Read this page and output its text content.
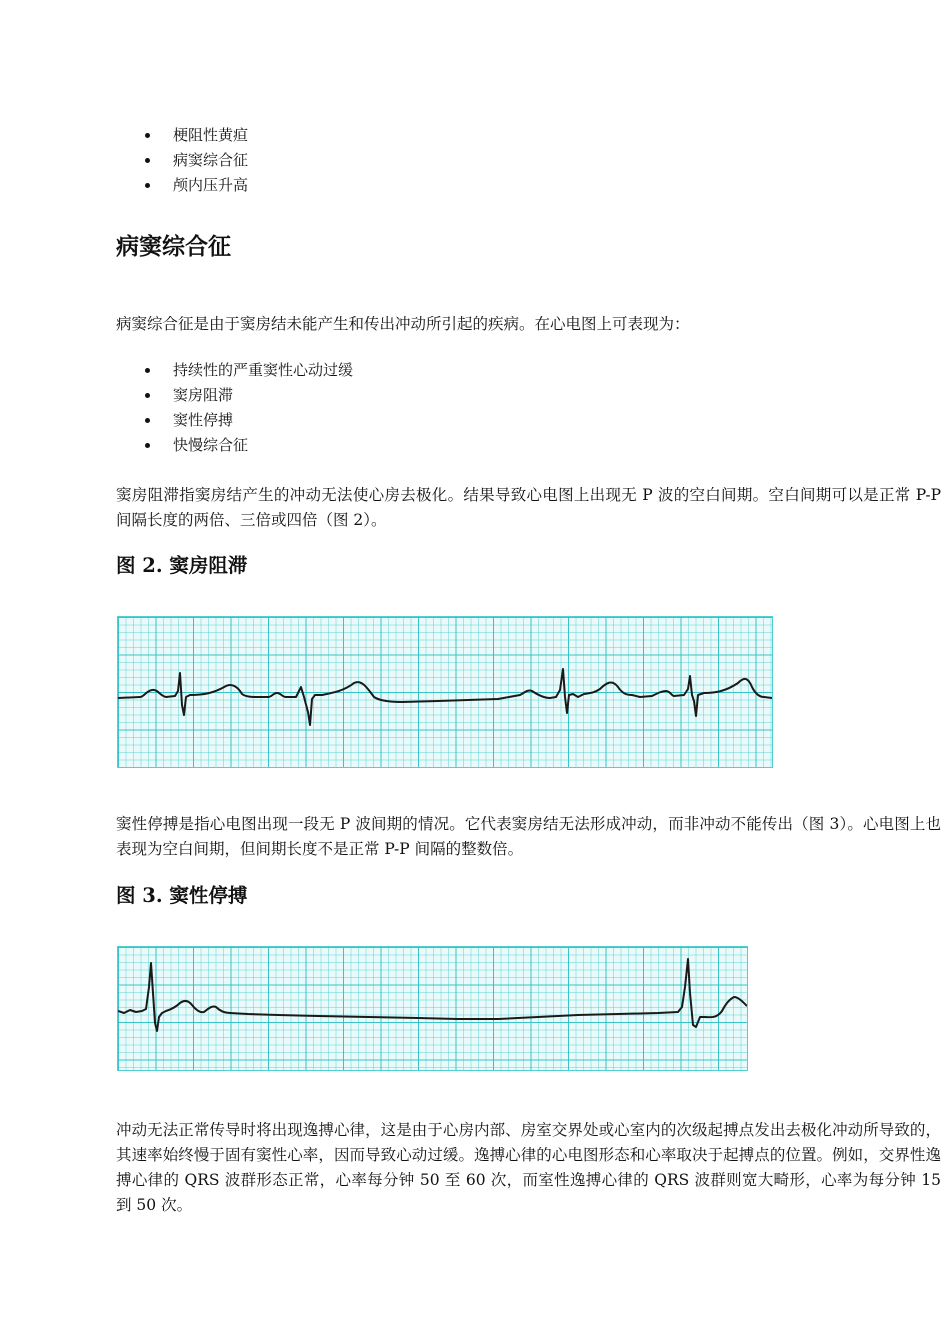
梗阻性黄疸
病窦综合征
颅内压升高
病窦综合征
病窦综合征是由于窦房结未能产生和传出冲动所引起的疾病。在心电图上可表现为：
持续性的严重窦性心动过缓
窦房阻滞
窦性停搏
快慢综合征
窦房阻滞指窦房结产生的冲动无法使心房去极化。结果导致心电图上出现无 P 波的空白间期。空白间期可以是正常 P-P 间隔长度的两倍、三倍或四倍（图 2）。
图 2. 窦房阻滞
窦性停搏是指心电图出现一段无 P 波间期的情况。它代表窦房结无法形成冲动，而非冲动不能传出（图 3）。心电图上也表现为空白间期，但间期长度不是正常 P-P 间隔的整数倍。
图 3. 窦性停搏
冲动无法正常传导时将出现逸搏心律，这是由于心房内部、房室交界处或心室内的次级起搏点发出去极化冲动所导致的，其速率始终慢于固有窦性心率，因而导致心动过缓。逸搏心律的心电图形态和心率取决于起搏点的位置。例如，交界性逸搏心律的 QRS 波群形态正常，心率每分钟 50 至 60 次，而室性逸搏心律的 QRS 波群则宽大畸形，心率为每分钟 15 到 50 次。
